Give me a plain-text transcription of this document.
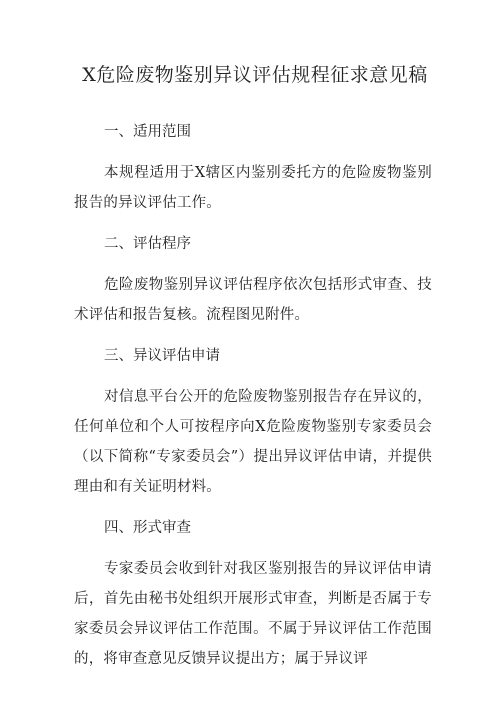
X危险废物鉴别异议评估规程征求意见稿

一、适用范围

本规程适用于X辖区内鉴别委托方的危险废物鉴别报告的异议评估工作。

二、评估程序

危险废物鉴别异议评估程序依次包括形式审查、技术评估和报告复核。流程图见附件。

三、异议评估申请

对信息平台公开的危险废物鉴别报告存在异议的，任何单位和个人可按程序向X危险废物鉴别专家委员会（以下简称“专家委员会”）提出异议评估申请，并提供理由和有关证明材料。

四、形式审查

专家委员会收到针对我区鉴别报告的异议评估申请后，首先由秘书处组织开展形式审查，判断是否属于专家委员会异议评估工作范围。不属于异议评估工作范围的，将审查意见反馈异议提出方；属于异议评
